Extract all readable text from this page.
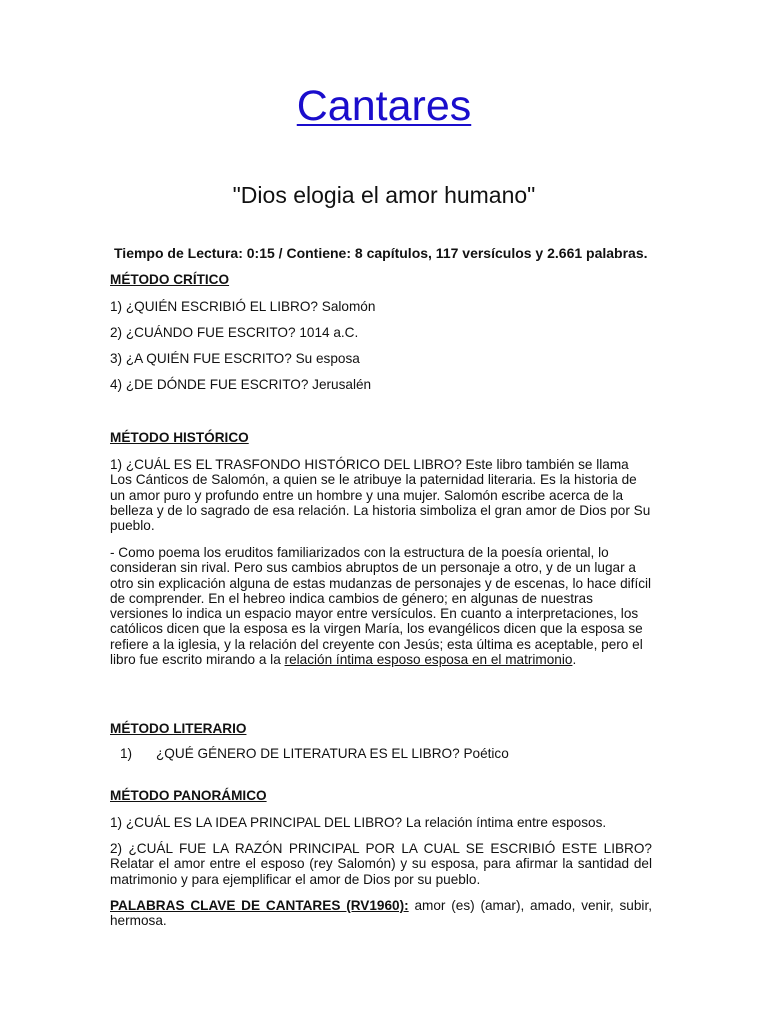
Cantares
"Dios elogia el amor humano"
Tiempo de Lectura: 0:15 / Contiene: 8 capítulos, 117 versículos y 2.661 palabras.
MÉTODO CRÍTICO
1) ¿QUIÉN ESCRIBIÓ EL LIBRO? Salomón
2) ¿CUÁNDO FUE ESCRITO? 1014 a.C.
3) ¿A QUIÉN FUE ESCRITO? Su esposa
4) ¿DE DÓNDE FUE ESCRITO? Jerusalén
MÉTODO HISTÓRICO
1) ¿CUÁL ES EL TRASFONDO HISTÓRICO DEL LIBRO? Este libro también se llama Los Cánticos de Salomón, a quien se le atribuye la paternidad literaria. Es la historia de un amor puro y profundo entre un hombre y una mujer. Salomón escribe acerca de la belleza y de lo sagrado de esa relación. La historia simboliza el gran amor de Dios por Su pueblo.
- Como poema los eruditos familiarizados con la estructura de la poesía oriental, lo consideran sin rival. Pero sus cambios abruptos de un personaje a otro, y de un lugar a otro sin explicación alguna de estas mudanzas de personajes y de escenas, lo hace difícil de comprender. En el hebreo indica cambios de género; en algunas de nuestras versiones lo indica un espacio mayor entre versículos. En cuanto a interpretaciones, los católicos dicen que la esposa es la virgen María, los evangélicos dicen que la esposa se refiere a la iglesia, y la relación del creyente con Jesús; esta última es aceptable, pero el libro fue escrito mirando a la relación íntima esposo esposa en el matrimonio.
MÉTODO LITERARIO
1) ¿QUÉ GÉNERO DE LITERATURA ES EL LIBRO? Poético
MÉTODO PANORÁMICO
1) ¿CUÁL ES LA IDEA PRINCIPAL DEL LIBRO? La relación íntima entre esposos.
2) ¿CUÁL FUE LA RAZÓN PRINCIPAL POR LA CUAL SE ESCRIBIÓ ESTE LIBRO? Relatar el amor entre el esposo (rey Salomón) y su esposa, para afirmar la santidad del matrimonio y para ejemplificar el amor de Dios por su pueblo.
PALABRAS CLAVE DE CANTARES (RV1960): amor (es) (amar), amado, venir, subir, hermosa.
